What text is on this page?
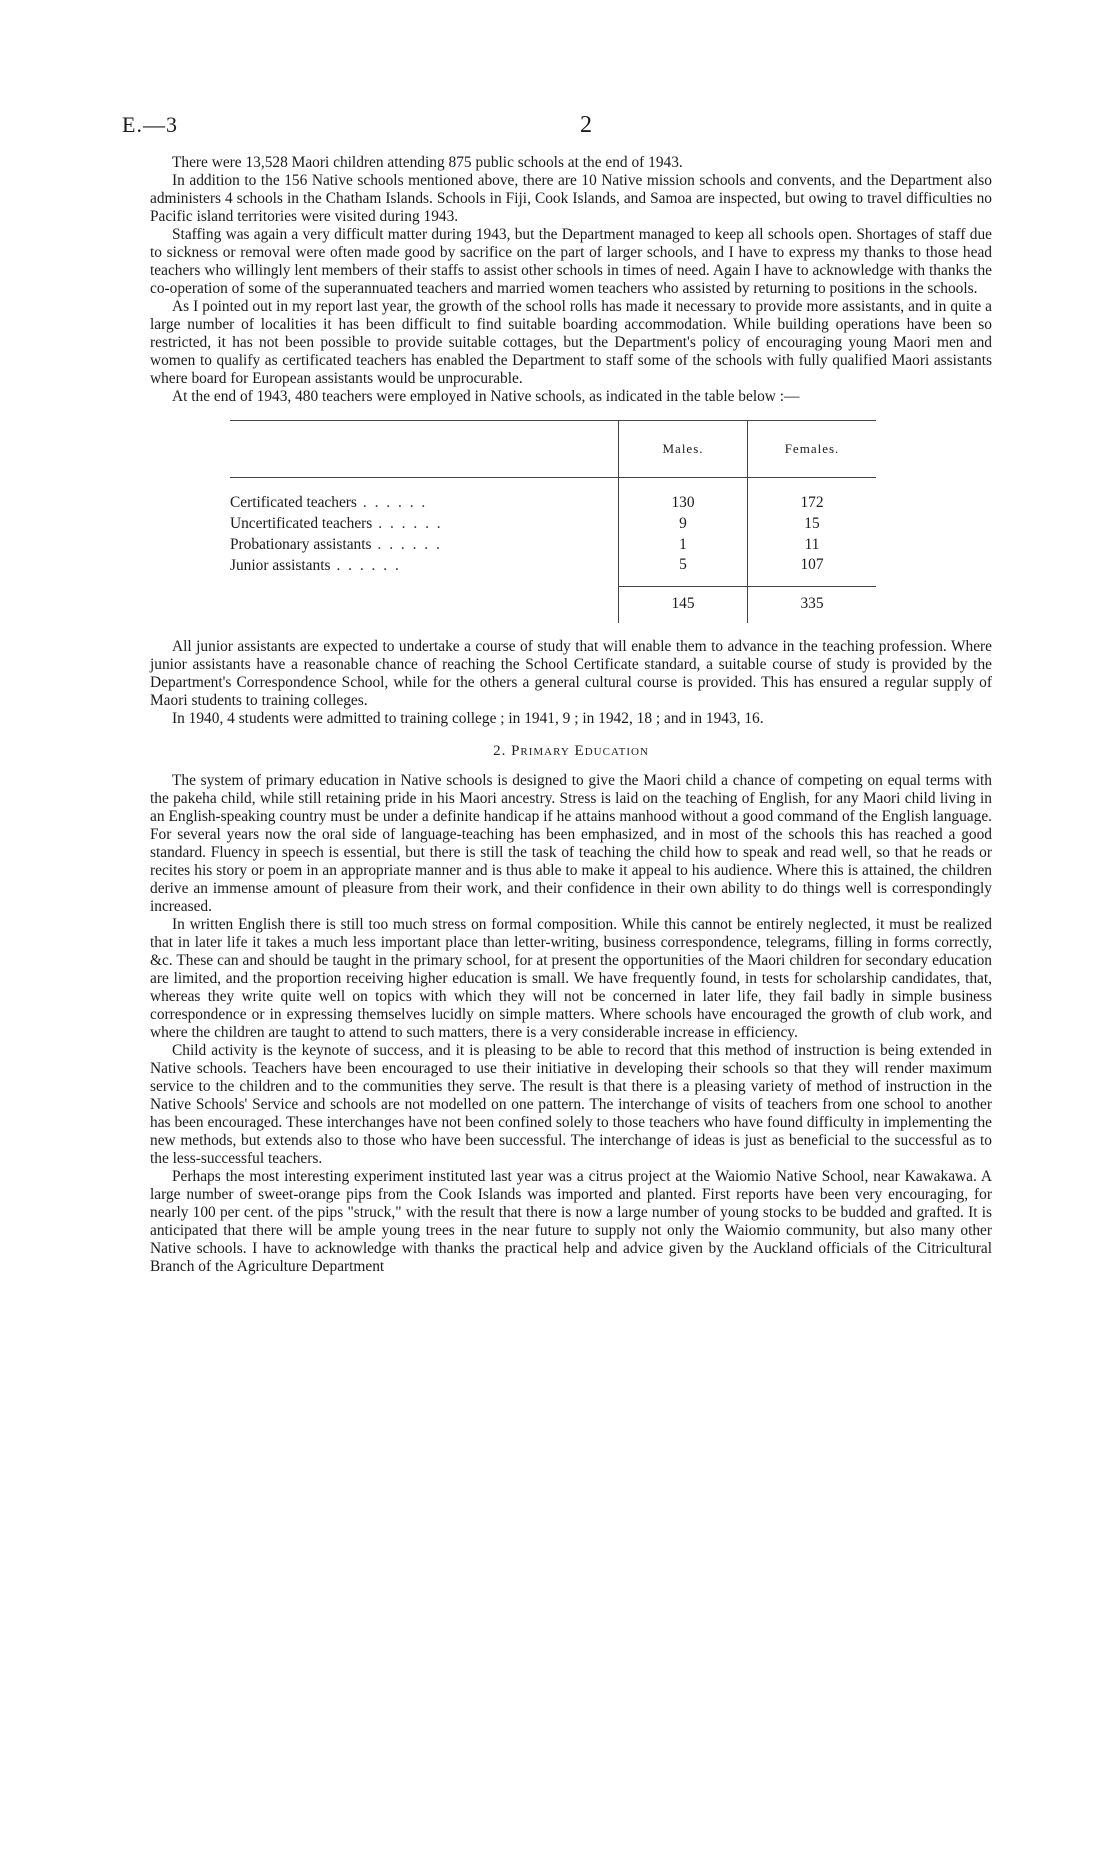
E.—3	2

There were 13,528 Maori children attending 875 public schools at the end of 1943.

In addition to the 156 Native schools mentioned above, there are 10 Native mission schools and convents, and the Department also administers 4 schools in the Chatham Islands. Schools in Fiji, Cook Islands, and Samoa are inspected, but owing to travel difficulties no Pacific island territories were visited during 1943.

Staffing was again a very difficult matter during 1943, but the Department managed to keep all schools open. Shortages of staff due to sickness or removal were often made good by sacrifice on the part of larger schools, and I have to express my thanks to those head teachers who willingly lent members of their staffs to assist other schools in times of need. Again I have to acknowledge with thanks the co-operation of some of the superannuated teachers and married women teachers who assisted by returning to positions in the schools.

As I pointed out in my report last year, the growth of the school rolls has made it necessary to provide more assistants, and in quite a large number of localities it has been difficult to find suitable boarding accommodation. While building operations have been so restricted, it has not been possible to provide suitable cottages, but the Department's policy of encouraging young Maori men and women to qualify as certificated teachers has enabled the Department to staff some of the schools with fully qualified Maori assistants where board for European assistants would be unprocurable.

At the end of 1943, 480 teachers were employed in Native schools, as indicated in the table below :—

	Males.	Females.
Certificated teachers . . . . . .	130	172
Uncertificated teachers . . . . . .	9	15
Probationary assistants . . . . . .	1	11
Junior assistants . . . . . .	5	107
	145	335

All junior assistants are expected to undertake a course of study that will enable them to advance in the teaching profession. Where junior assistants have a reasonable chance of reaching the School Certificate standard, a suitable course of study is provided by the Department's Correspondence School, while for the others a general cultural course is provided. This has ensured a regular supply of Maori students to training colleges.

In 1940, 4 students were admitted to training college ; in 1941, 9 ; in 1942, 18 ; and in 1943, 16.

2. Primary Education

The system of primary education in Native schools is designed to give the Maori child a chance of competing on equal terms with the pakeha child, while still retaining pride in his Maori ancestry. Stress is laid on the teaching of English, for any Maori child living in an English-speaking country must be under a definite handicap if he attains manhood without a good command of the English language. For several years now the oral side of language-teaching has been emphasized, and in most of the schools this has reached a good standard. Fluency in speech is essential, but there is still the task of teaching the child how to speak and read well, so that he reads or recites his story or poem in an appropriate manner and is thus able to make it appeal to his audience. Where this is attained, the children derive an immense amount of pleasure from their work, and their confidence in their own ability to do things well is correspondingly increased.

In written English there is still too much stress on formal composition. While this cannot be entirely neglected, it must be realized that in later life it takes a much less important place than letter-writing, business correspondence, telegrams, filling in forms correctly, &c. These can and should be taught in the primary school, for at present the opportunities of the Maori children for secondary education are limited, and the proportion receiving higher education is small. We have frequently found, in tests for scholarship candidates, that, whereas they write quite well on topics with which they will not be concerned in later life, they fail badly in simple business correspondence or in expressing themselves lucidly on simple matters. Where schools have encouraged the growth of club work, and where the children are taught to attend to such matters, there is a very considerable increase in efficiency.

Child activity is the keynote of success, and it is pleasing to be able to record that this method of instruction is being extended in Native schools. Teachers have been encouraged to use their initiative in developing their schools so that they will render maximum service to the children and to the communities they serve. The result is that there is a pleasing variety of method of instruction in the Native Schools' Service and schools are not modelled on one pattern. The interchange of visits of teachers from one school to another has been encouraged. These interchanges have not been confined solely to those teachers who have found difficulty in implementing the new methods, but extends also to those who have been successful. The interchange of ideas is just as beneficial to the successful as to the less-successful teachers.

Perhaps the most interesting experiment instituted last year was a citrus project at the Waiomio Native School, near Kawakawa. A large number of sweet-orange pips from the Cook Islands was imported and planted. First reports have been very encouraging, for nearly 100 per cent. of the pips "struck," with the result that there is now a large number of young stocks to be budded and grafted. It is anticipated that there will be ample young trees in the near future to supply not only the Waiomio community, but also many other Native schools. I have to acknowledge with thanks the practical help and advice given by the Auckland officials of the Citricultural Branch of the Agriculture Department
